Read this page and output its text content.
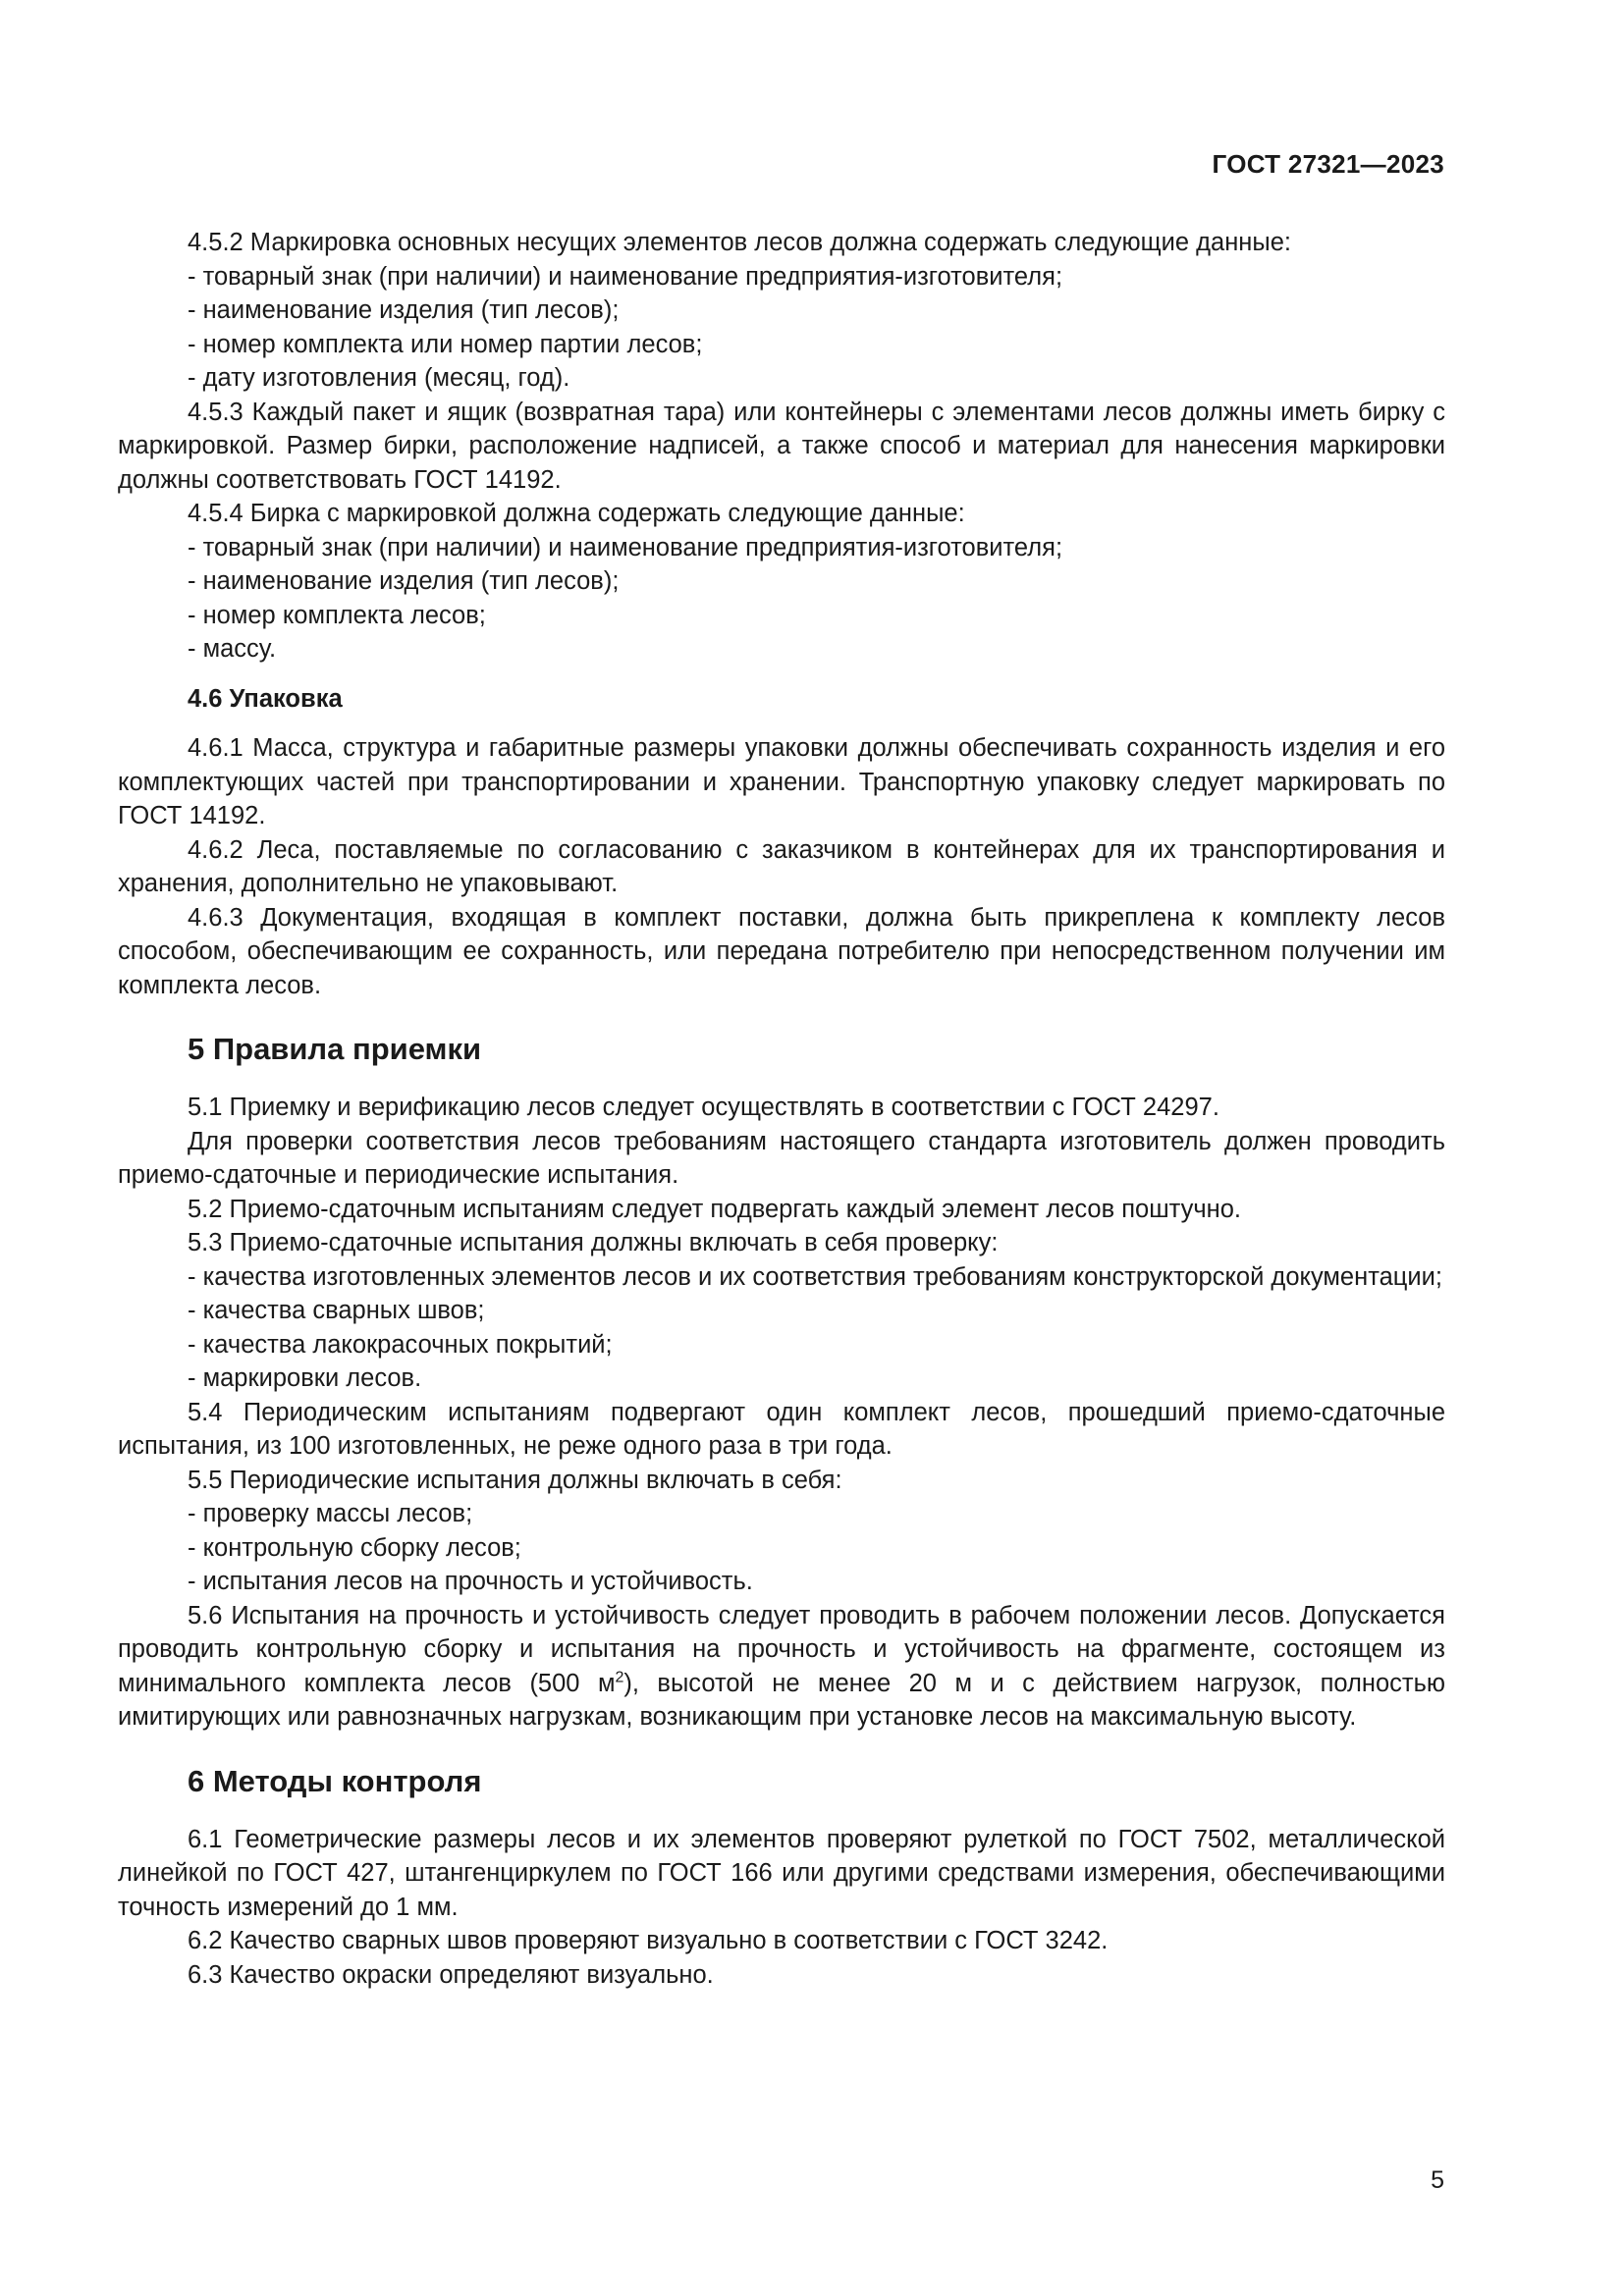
ГОСТ 27321—2023

4.5.2 Маркировка основных несущих элементов лесов должна содержать следующие данные:

- товарный знак (при наличии) и наименование предприятия-изготовителя;

- наименование изделия (тип лесов);

- номер комплекта или номер партии лесов;

- дату изготовления (месяц, год).

4.5.3 Каждый пакет и ящик (возвратная тара) или контейнеры с элементами лесов должны иметь бирку с маркировкой. Размер бирки, расположение надписей, а также способ и материал для нанесения маркировки должны соответствовать ГОСТ 14192.

4.5.4 Бирка с маркировкой должна содержать следующие данные:

- товарный знак (при наличии) и наименование предприятия-изготовителя;

- наименование изделия (тип лесов);

- номер комплекта лесов;

- массу.

4.6 Упаковка

4.6.1 Масса, структура и габаритные размеры упаковки должны обеспечивать сохранность изделия и его комплектующих частей при транспортировании и хранении. Транспортную упаковку следует маркировать по ГОСТ 14192.

4.6.2 Леса, поставляемые по согласованию с заказчиком в контейнерах для их транспортирования и хранения, дополнительно не упаковывают.

4.6.3 Документация, входящая в комплект поставки, должна быть прикреплена к комплекту лесов способом, обеспечивающим ее сохранность, или передана потребителю при непосредственном получении им комплекта лесов.

5 Правила приемки

5.1 Приемку и верификацию лесов следует осуществлять в соответствии с ГОСТ 24297.

Для проверки соответствия лесов требованиям настоящего стандарта изготовитель должен проводить приемо-сдаточные и периодические испытания.

5.2 Приемо-сдаточным испытаниям следует подвергать каждый элемент лесов поштучно.

5.3 Приемо-сдаточные испытания должны включать в себя проверку:

- качества изготовленных элементов лесов и их соответствия требованиям конструкторской документации;

- качества сварных швов;

- качества лакокрасочных покрытий;

- маркировки лесов.

5.4 Периодическим испытаниям подвергают один комплект лесов, прошедший приемо-сдаточные испытания, из 100 изготовленных, не реже одного раза в три года.

5.5 Периодические испытания должны включать в себя:

- проверку массы лесов;

- контрольную сборку лесов;

- испытания лесов на прочность и устойчивость.

5.6 Испытания на прочность и устойчивость следует проводить в рабочем положении лесов. Допускается проводить контрольную сборку и испытания на прочность и устойчивость на фрагменте, состоящем из минимального комплекта лесов (500 $м^2$), высотой не менее 20 м и с действием нагрузок, полностью имитирующих или равнозначных нагрузкам, возникающим при установке лесов на максимальную высоту.

6 Методы контроля

6.1 Геометрические размеры лесов и их элементов проверяют рулеткой по ГОСТ 7502, металлической линейкой по ГОСТ 427, штангенциркулем по ГОСТ 166 или другими средствами измерения, обеспечивающими точность измерений до 1 мм.

6.2 Качество сварных швов проверяют визуально в соответствии с ГОСТ 3242.

6.3 Качество окраски определяют визуально.

5
